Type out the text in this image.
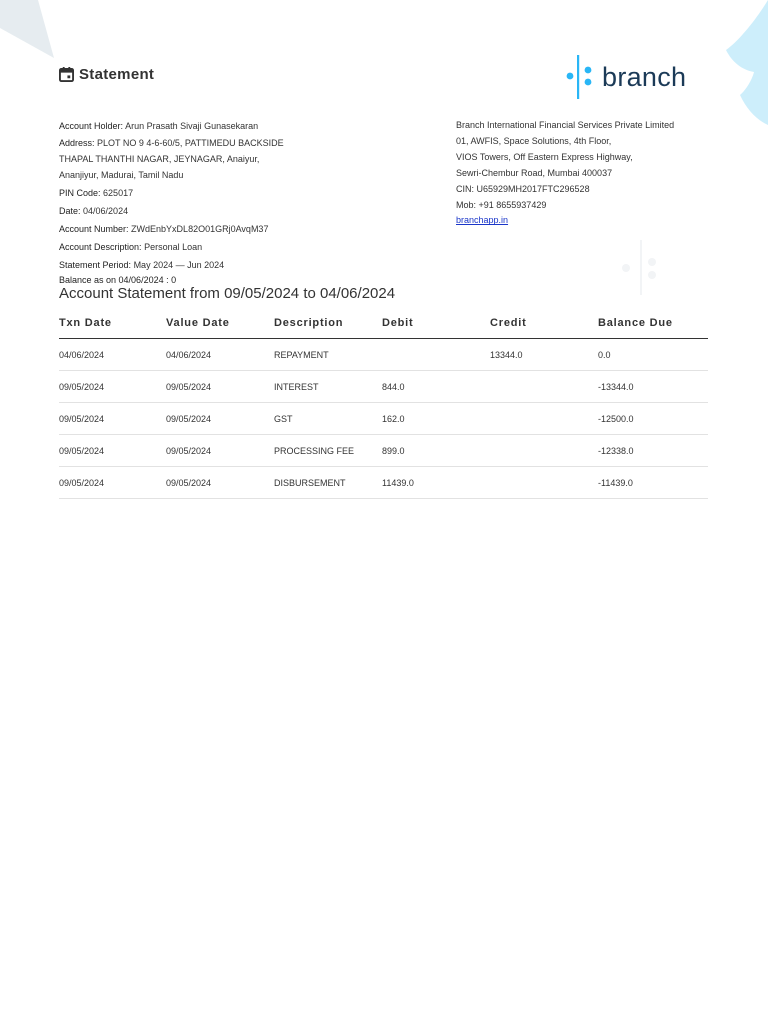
Statement	branch
Account Holder: Arun Prasath Sivaji Gunasekaran
Address: PLOT NO 9 4-6-60/5, PATTIMEDU BACKSIDE
THAPAL THANTHI NAGAR, JEYNAGAR, Anaiyur,
Ananjiyur, Madurai, Tamil Nadu
PIN Code: 625017
Date: 04/06/2024
Account Number: ZWdEnbYxDL82O01GRj0AvqM37
Account Description: Personal Loan
Statement Period: May 2024 — Jun 2024
Branch International Financial Services Private Limited
01, AWFIS, Space Solutions, 4th Floor,
VIOS Towers, Off Eastern Express Highway,
Sewri-Chembur Road, Mumbai 400037
CIN: U65929MH2017FTC296528
Mob: +91 8655937429
branchapp.in
Balance as on 04/06/2024 : 0
Account Statement from 09/05/2024 to 04/06/2024
Txn Date	Value Date	Description	Debit	Credit	Balance Due
04/06/2024	04/06/2024	REPAYMENT		13344.0	0.0
09/05/2024	09/05/2024	INTEREST	844.0		-13344.0
09/05/2024	09/05/2024	GST	162.0		-12500.0
09/05/2024	09/05/2024	PROCESSING FEE	899.0		-12338.0
09/05/2024	09/05/2024	DISBURSEMENT	11439.0		-11439.0
